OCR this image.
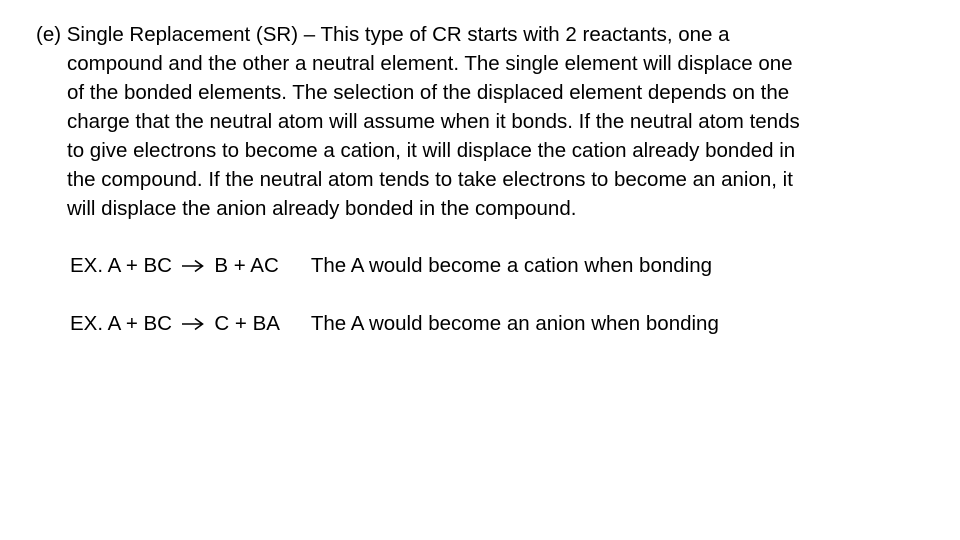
(e) Single Replacement (SR) – This type of CR starts with 2 reactants, one a
compound and the other a neutral element. The single element will displace one
of the bonded elements. The selection of the displaced element depends on the
charge that the neutral atom will assume when it bonds. If the neutral atom tends
to give electrons to become a cation, it will displace the cation already bonded in
the compound. If the neutral atom tends to take electrons to become an anion, it
will displace the anion already bonded in the compound.
EX. A + BC B + AC The A would become a cation when bonding
EX. A + BC C + BA The A would become an anion when bonding
